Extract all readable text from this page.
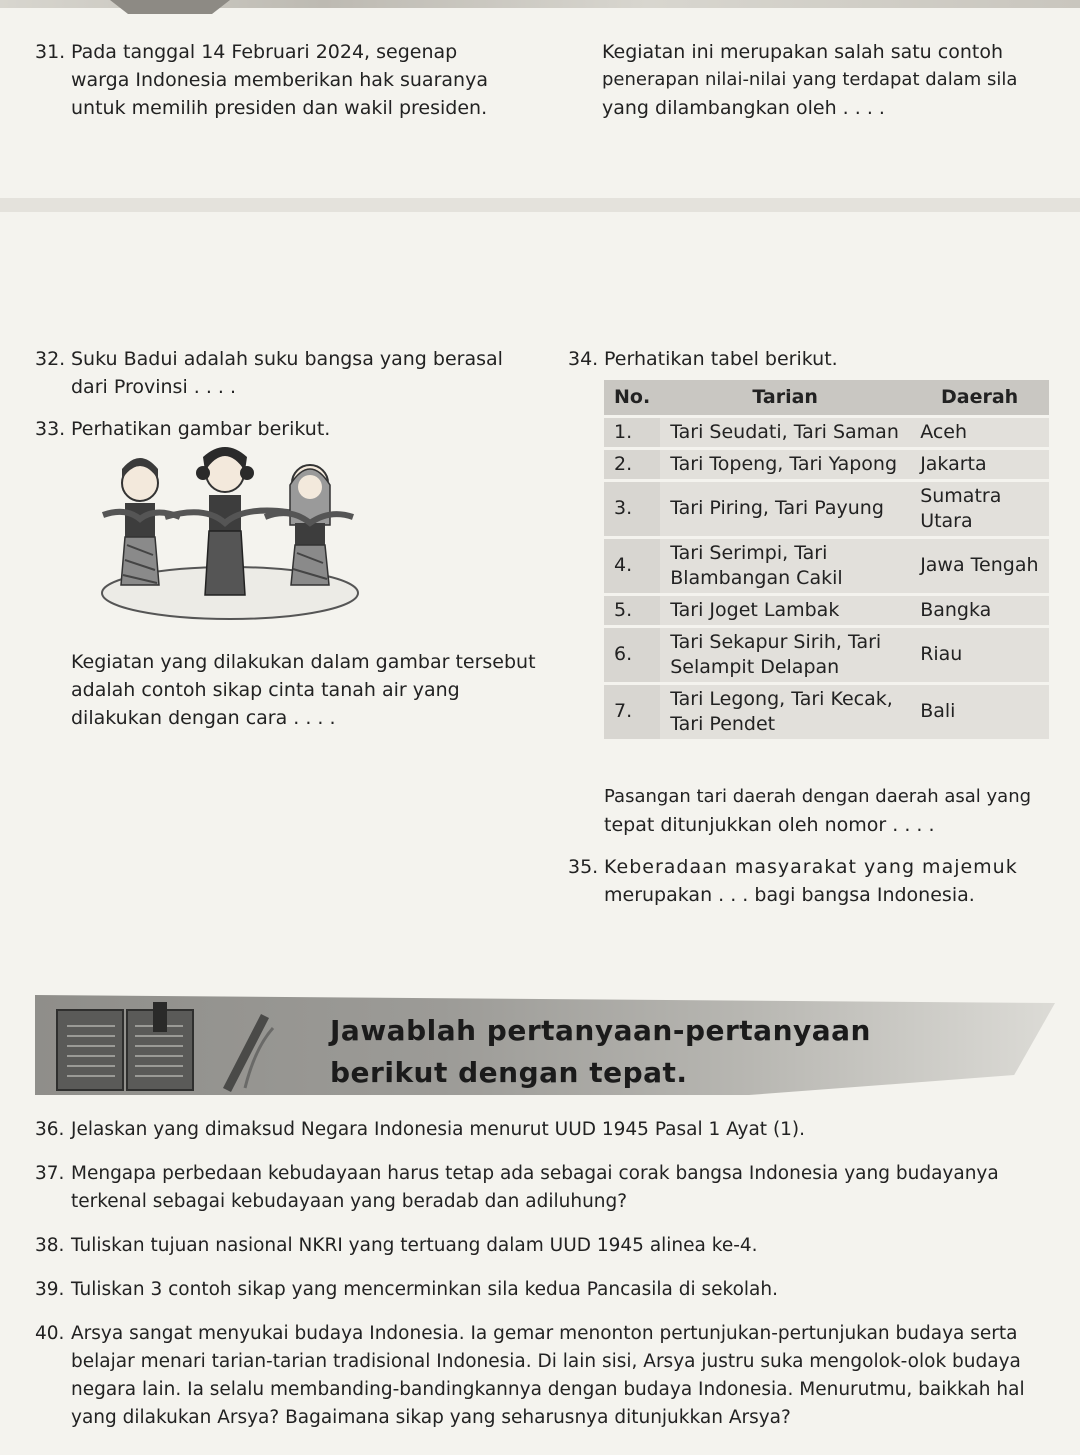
31. Pada tanggal 14 Februari 2024, segenap
warga Indonesia memberikan hak suaranya
untuk memilih presiden dan wakil presiden.
Kegiatan ini merupakan salah satu contoh
penerapan nilai-nilai yang terdapat dalam sila
yang dilambangkan oleh . . . .
32. Suku Badui adalah suku bangsa yang berasal
dari Provinsi . . . .
33. Perhatikan gambar berikut.
Kegiatan yang dilakukan dalam gambar tersebut
adalah contoh sikap cinta tanah air yang
dilakukan dengan cara . . . .
34. Perhatikan tabel berikut.
No.	Tarian	Daerah
1.	Tari Seudati, Tari Saman	Aceh

2.	Tari Topeng, Tari Yapong	Jakarta

3.	Tari Piring, Tari Payung	Sumatra
Utara

4.	Tari Serimpi, Tari
Blambangan Cakil	Jawa Tengah

5.	Tari Joget Lambak	Bangka

6.	Tari Sekapur Sirih, Tari
Selampit Delapan	Riau

7.	Tari Legong, Tari Kecak,
Tari Pendet	Bali
Pasangan tari daerah dengan daerah asal yang
tepat ditunjukkan oleh nomor . . . .
35. Keberadaan masyarakat yang majemuk
merupakan . . . bagi bangsa Indonesia.
Jawablah pertanyaan-pertanyaan
berikut dengan tepat.
36. Jelaskan yang dimaksud Negara Indonesia menurut UUD 1945 Pasal 1 Ayat (1).
37. Mengapa perbedaan kebudayaan harus tetap ada sebagai corak bangsa Indonesia yang budayanya
terkenal sebagai kebudayaan yang beradab dan adiluhung?
38. Tuliskan tujuan nasional NKRI yang tertuang dalam UUD 1945 alinea ke-4.
39. Tuliskan 3 contoh sikap yang mencerminkan sila kedua Pancasila di sekolah.
40. Arsya sangat menyukai budaya Indonesia. Ia gemar menonton pertunjukan-pertunjukan budaya serta
belajar menari tarian-tarian tradisional Indonesia. Di lain sisi, Arsya justru suka mengolok-olok budaya
negara lain. Ia selalu membanding-bandingkannya dengan budaya Indonesia. Menurutmu, baikkah hal
yang dilakukan Arsya? Bagaimana sikap yang seharusnya ditunjukkan Arsya?
